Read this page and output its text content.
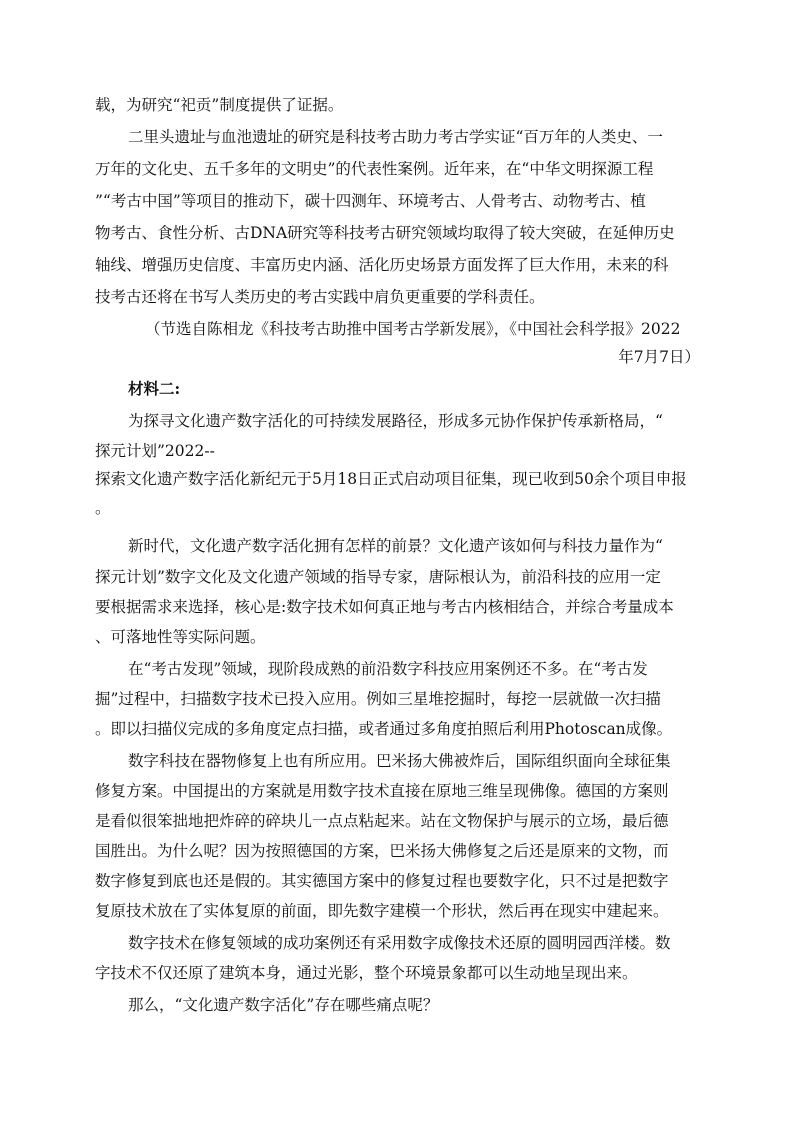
载，为研究“祀贡”制度提供了证据。
二里头遗址与血池遗址的研究是科技考古助力考古学实证“百万年的人类史、一
万年的文化史、五千多年的文明史”的代表性案例。近年来，在“中华文明探源工程
”“考古中国”等项目的推动下，碳十四测年、环境考古、人骨考古、动物考古、植
物考古、食性分析、古DNA研究等科技考古研究领域均取得了较大突破，在延伸历史
轴线、增强历史信度、丰富历史内涵、活化历史场景方面发挥了巨大作用，未来的科
技考古还将在书写人类历史的考古实践中肩负更重要的学科责任。
（节选自陈相龙《科技考古助推中国考古学新发展》，《中国社会科学报》2022
年7月7日）
材料二:
为探寻文化遗产数字活化的可持续发展路径，形成多元协作保护传承新格局，“
探元计划”2022--
探索文化遗产数字活化新纪元于5月18日正式启动项目征集，现已收到50余个项目申报
。
新时代，文化遗产数字活化拥有怎样的前景？文化遗产该如何与科技力量作为“
探元计划”数字文化及文化遗产领域的指导专家，唐际根认为，前沿科技的应用一定
要根据需求来选择，核心是:数字技术如何真正地与考古内核相结合，并综合考量成本
、可落地性等实际问题。
在“考古发现”领域，现阶段成熟的前沿数字科技应用案例还不多。在“考古发
掘”过程中，扫描数字技术已投入应用。例如三星堆挖掘时，每挖一层就做一次扫描
。即以扫描仪完成的多角度定点扫描，或者通过多角度拍照后利用Photoscan成像。
数字科技在器物修复上也有所应用。巴米扬大佛被炸后，国际组织面向全球征集
修复方案。中国提出的方案就是用数字技术直接在原地三维呈现佛像。德国的方案则
是看似很笨拙地把炸碎的碎块儿一点点粘起来。站在文物保护与展示的立场，最后德
国胜出。为什么呢？因为按照德国的方案，巴米扬大佛修复之后还是原来的文物，而
数字修复到底也还是假的。其实德国方案中的修复过程也要数字化，只不过是把数字
复原技术放在了实体复原的前面，即先数字建模一个形状，然后再在现实中建起来。
数字技术在修复领域的成功案例还有采用数字成像技术还原的圆明园西洋楼。数
字技术不仅还原了建筑本身，通过光影，整个环境景象都可以生动地呈现出来。
那么，“文化遗产数字活化”存在哪些痛点呢？
